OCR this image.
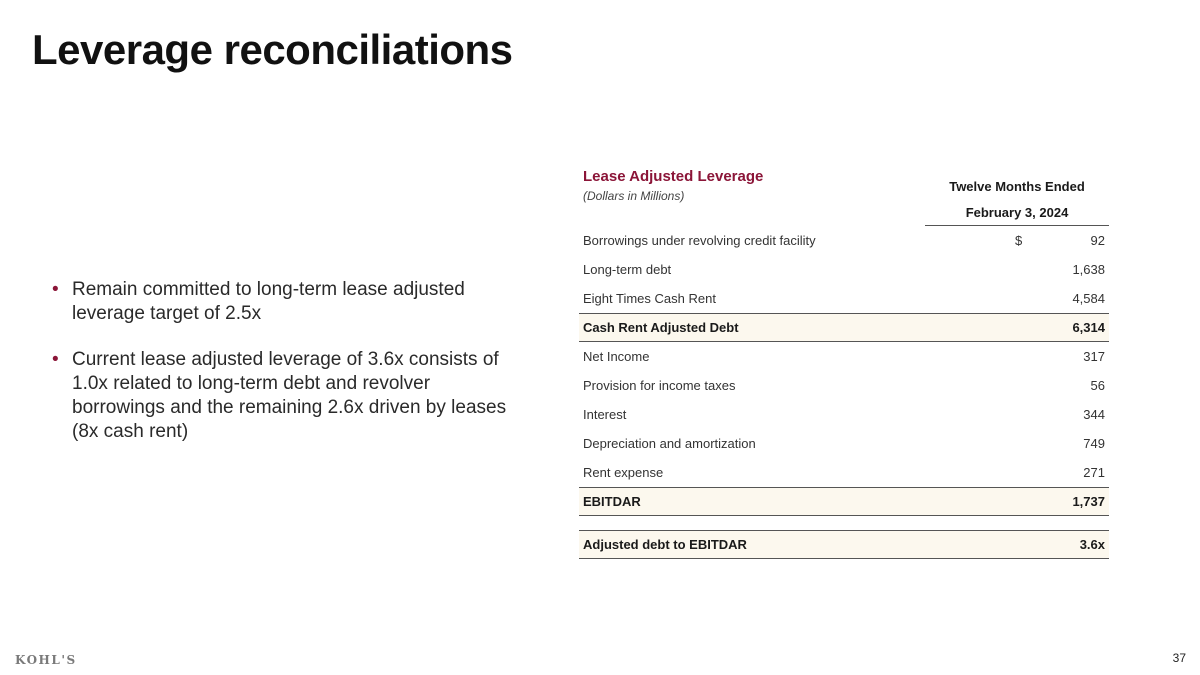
Leverage reconciliations
• Remain committed to long-term lease adjusted leverage target of 2.5x
• Current lease adjusted leverage of 3.6x consists of 1.0x related to long-term debt and revolver borrowings and the remaining 2.6x driven by leases (8x cash rent)
Lease Adjusted Leverage
(Dollars in Millions)
Twelve Months Ended
February 3, 2024
Borrowings under revolving credit facility	$	92
Long-term debt	1,638
Eight Times Cash Rent	4,584
Cash Rent Adjusted Debt	6,314
Net Income	317
Provision for income taxes	56
Interest	344
Depreciation and amortization	749
Rent expense	271
EBITDAR	1,737
Adjusted debt to EBITDAR	3.6x
KOHL'S	37
